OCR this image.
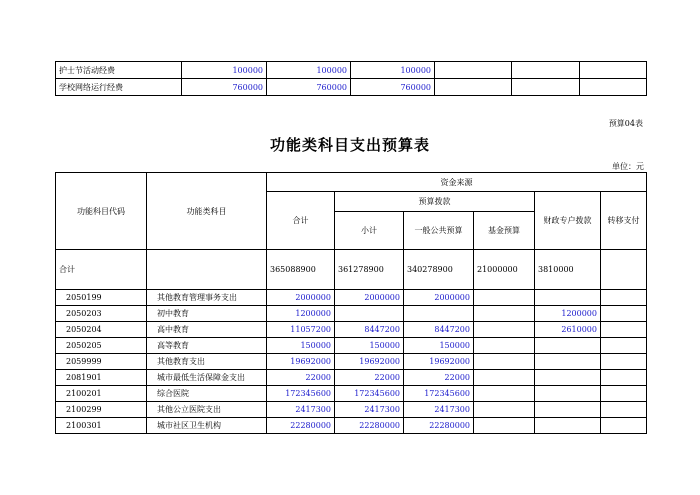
护士节活动经费	100000	100000	100000			
学校网络运行经费	760000	760000	760000			
预算04表
功能类科目支出预算表
单位：元
功能科目代码	功能类科目	资金来源					
		合计	预算拨款			财政专户拨款	转移支付
			小计	一般公共预算	基金预算		
合计		365088900	361278900	340278900	21000000	3810000	
2050199	其他教育管理事务支出	2000000	2000000	2000000			
2050203	初中教育	1200000				1200000	
2050204	高中教育	11057200	8447200	8447200		2610000	
2050205	高等教育	150000	150000	150000			
2059999	其他教育支出	19692000	19692000	19692000			
2081901	城市最低生活保障金支出	22000	22000	22000			
2100201	综合医院	172345600	172345600	172345600			
2100299	其他公立医院支出	2417300	2417300	2417300			
2100301	城市社区卫生机构	22280000	22280000	22280000			
